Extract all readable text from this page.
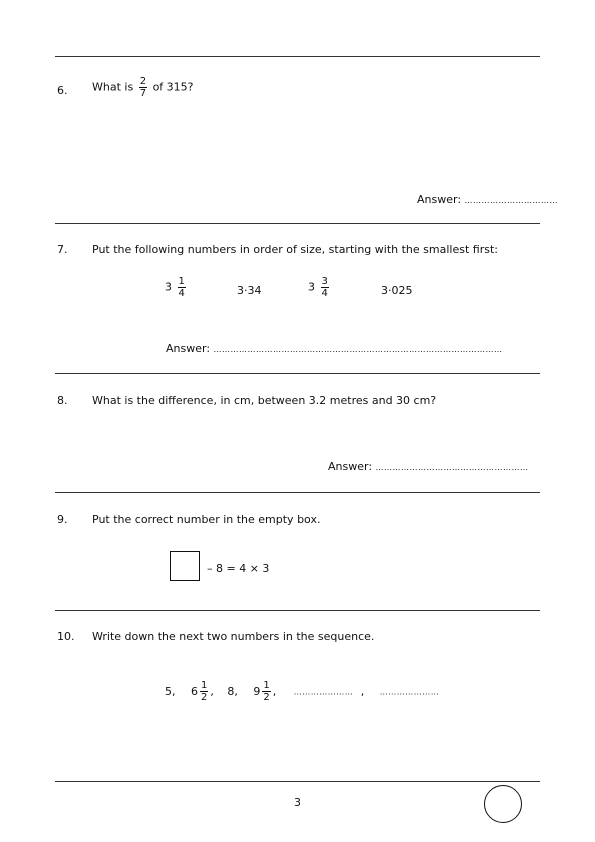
6. What is $\frac{2}{7}$ of 315?
Answer: ……………………………
7. Put the following numbers in order of size, starting with the smallest first:
$3 \frac{1}{4}$	3·34	$3 \frac{3}{4}$	3·025
Answer: …………………………………………………………………………………………
8. What is the difference, in cm, between 3.2 metres and 30 cm?
Answer: ………………………………………………
9. Put the correct number in the empty box.
– 8 = 4 × 3
10. Write down the next two numbers in the sequence.
5, $6 \frac{1}{2}$ , 8, $9 \frac{1}{2}$ , ………………… , …………………
3
